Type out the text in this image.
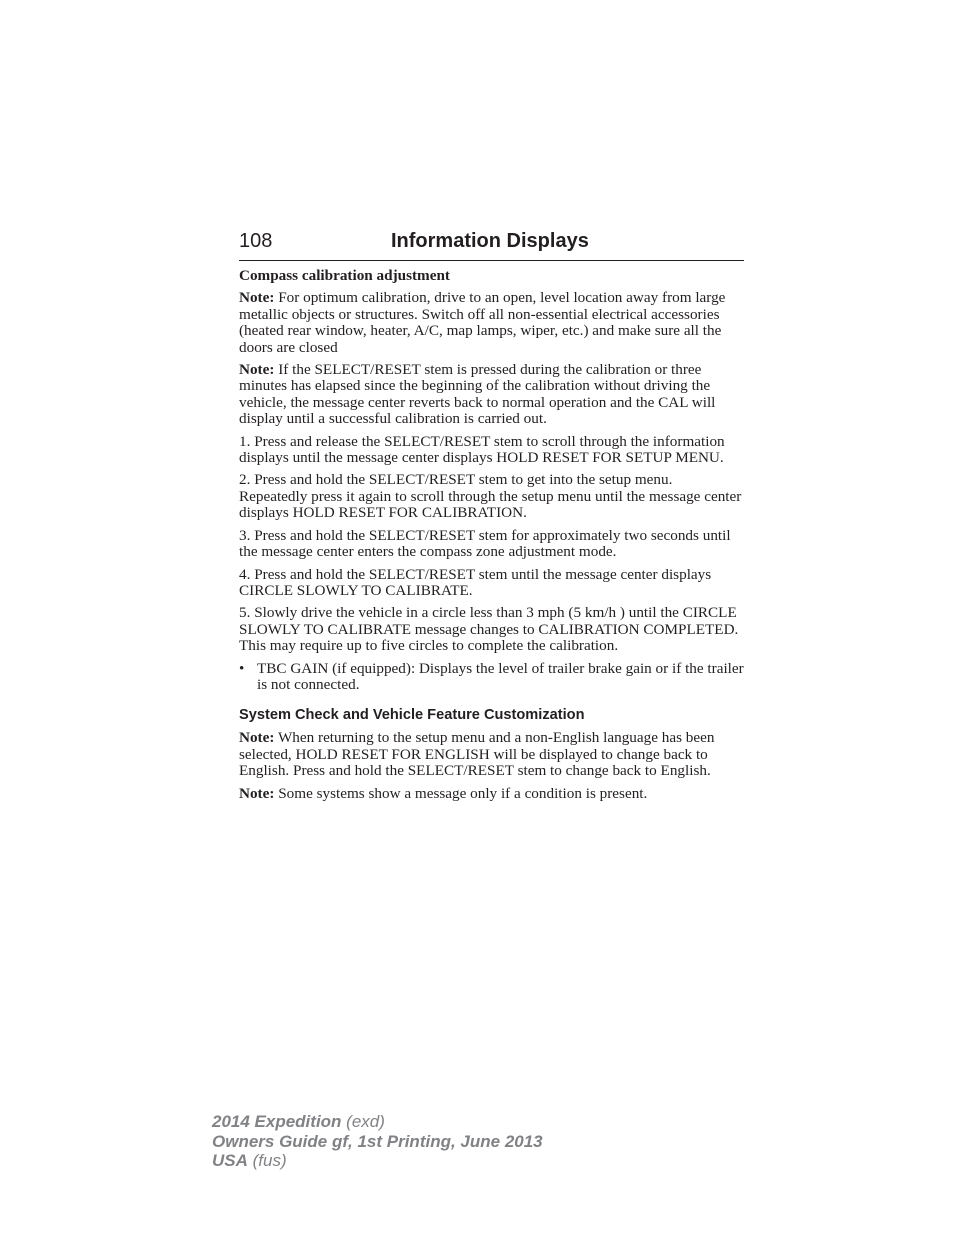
108	Information Displays

Compass calibration adjustment

Note: For optimum calibration, drive to an open, level location away from large metallic objects or structures. Switch off all non-essential electrical accessories (heated rear window, heater, A/C, map lamps, wiper, etc.) and make sure all the doors are closed

Note: If the SELECT/RESET stem is pressed during the calibration or three minutes has elapsed since the beginning of the calibration without driving the vehicle, the message center reverts back to normal operation and the CAL will display until a successful calibration is carried out.

1. Press and release the SELECT/RESET stem to scroll through the information displays until the message center displays HOLD RESET FOR SETUP MENU.

2. Press and hold the SELECT/RESET stem to get into the setup menu. Repeatedly press it again to scroll through the setup menu until the message center displays HOLD RESET FOR CALIBRATION.

3. Press and hold the SELECT/RESET stem for approximately two seconds until the message center enters the compass zone adjustment mode.

4. Press and hold the SELECT/RESET stem until the message center displays CIRCLE SLOWLY TO CALIBRATE.

5. Slowly drive the vehicle in a circle less than 3 mph (5 km/h ) until the CIRCLE SLOWLY TO CALIBRATE message changes to CALIBRATION COMPLETED. This may require up to five circles to complete the calibration.

• TBC GAIN (if equipped): Displays the level of trailer brake gain or if the trailer is not connected.
System Check and Vehicle Feature Customization

Note: When returning to the setup menu and a non-English language has been selected, HOLD RESET FOR ENGLISH will be displayed to change back to English. Press and hold the SELECT/RESET stem to change back to English.

Note: Some systems show a message only if a condition is present.

2014 Expedition (exd)
Owners Guide gf, 1st Printing, June 2013
USA (fus)
